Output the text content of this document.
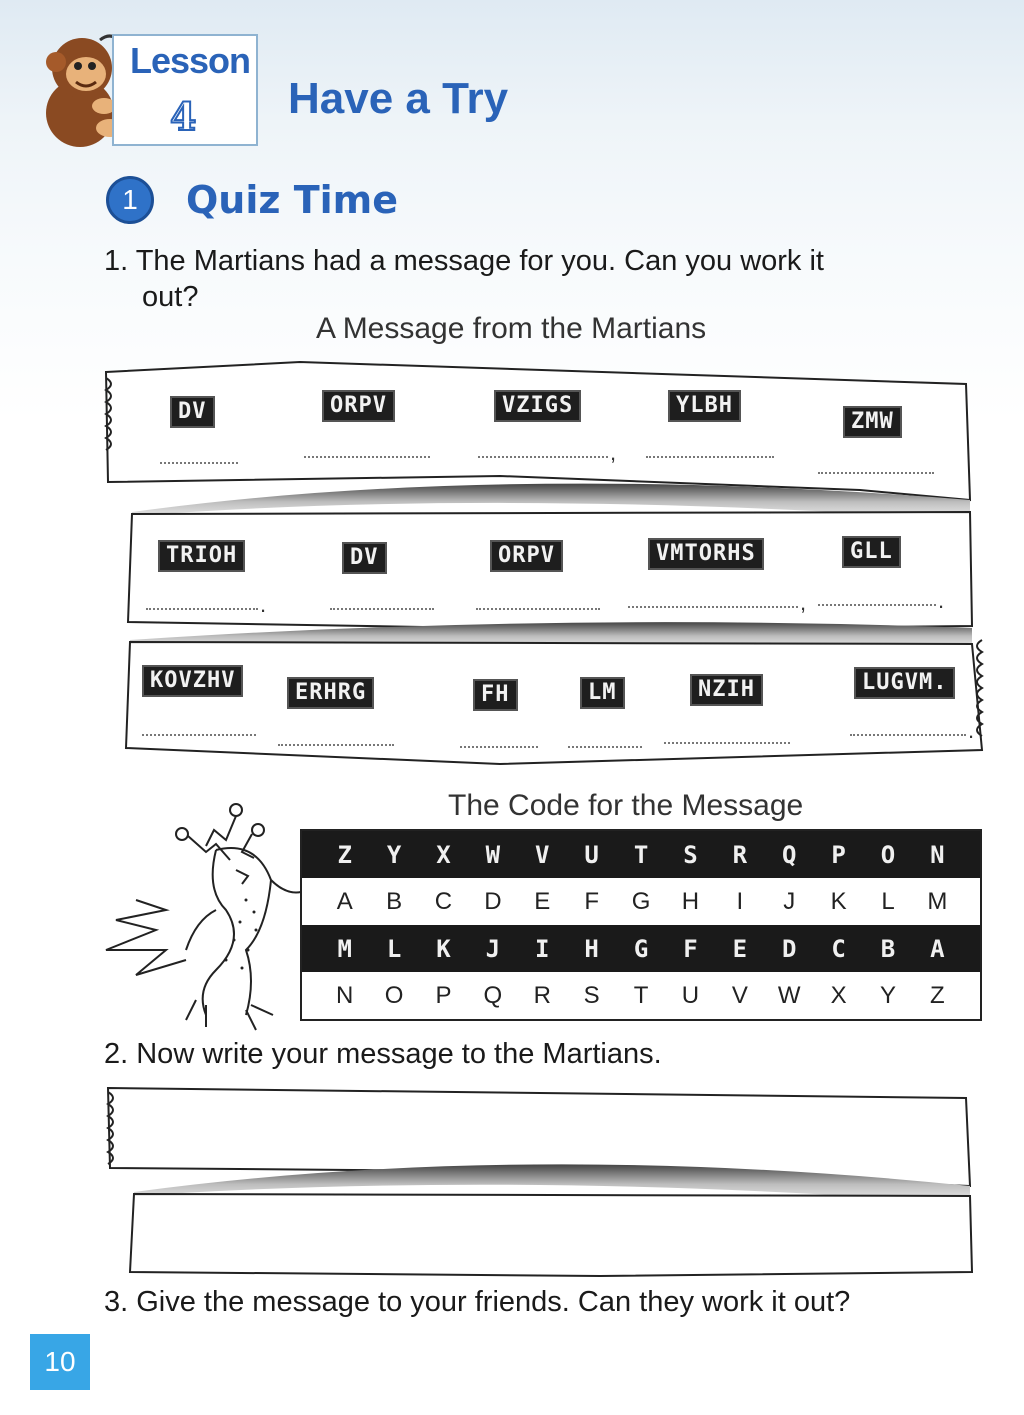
Lesson
4 Have a Try
1	Quiz Time
1. The Martians had a message for you. Can you work it
out?
A Message from the Martians
DV	ORPV	VZIGS	YLBH
ZMW
,
TRIOH	DV	ORPV	VMTORHS	GLL
.	,	.
KOVZHV	ERHRG	FH	LM	NZIH	LUGVM.
.
The Code for the Message
Z	Y	X	W	V	U	T	S	R	Q	P	O	N
A	B	C	D	E	F	G	H	I	J	K	L	M
M	L	K	J	I	H	G	F	E	D	C	B	A
N	O	P	Q	R	S	T	U	V	W	X	Y	Z
2. Now write your message to the Martians.
3. Give the message to your friends. Can they work it out?
10
